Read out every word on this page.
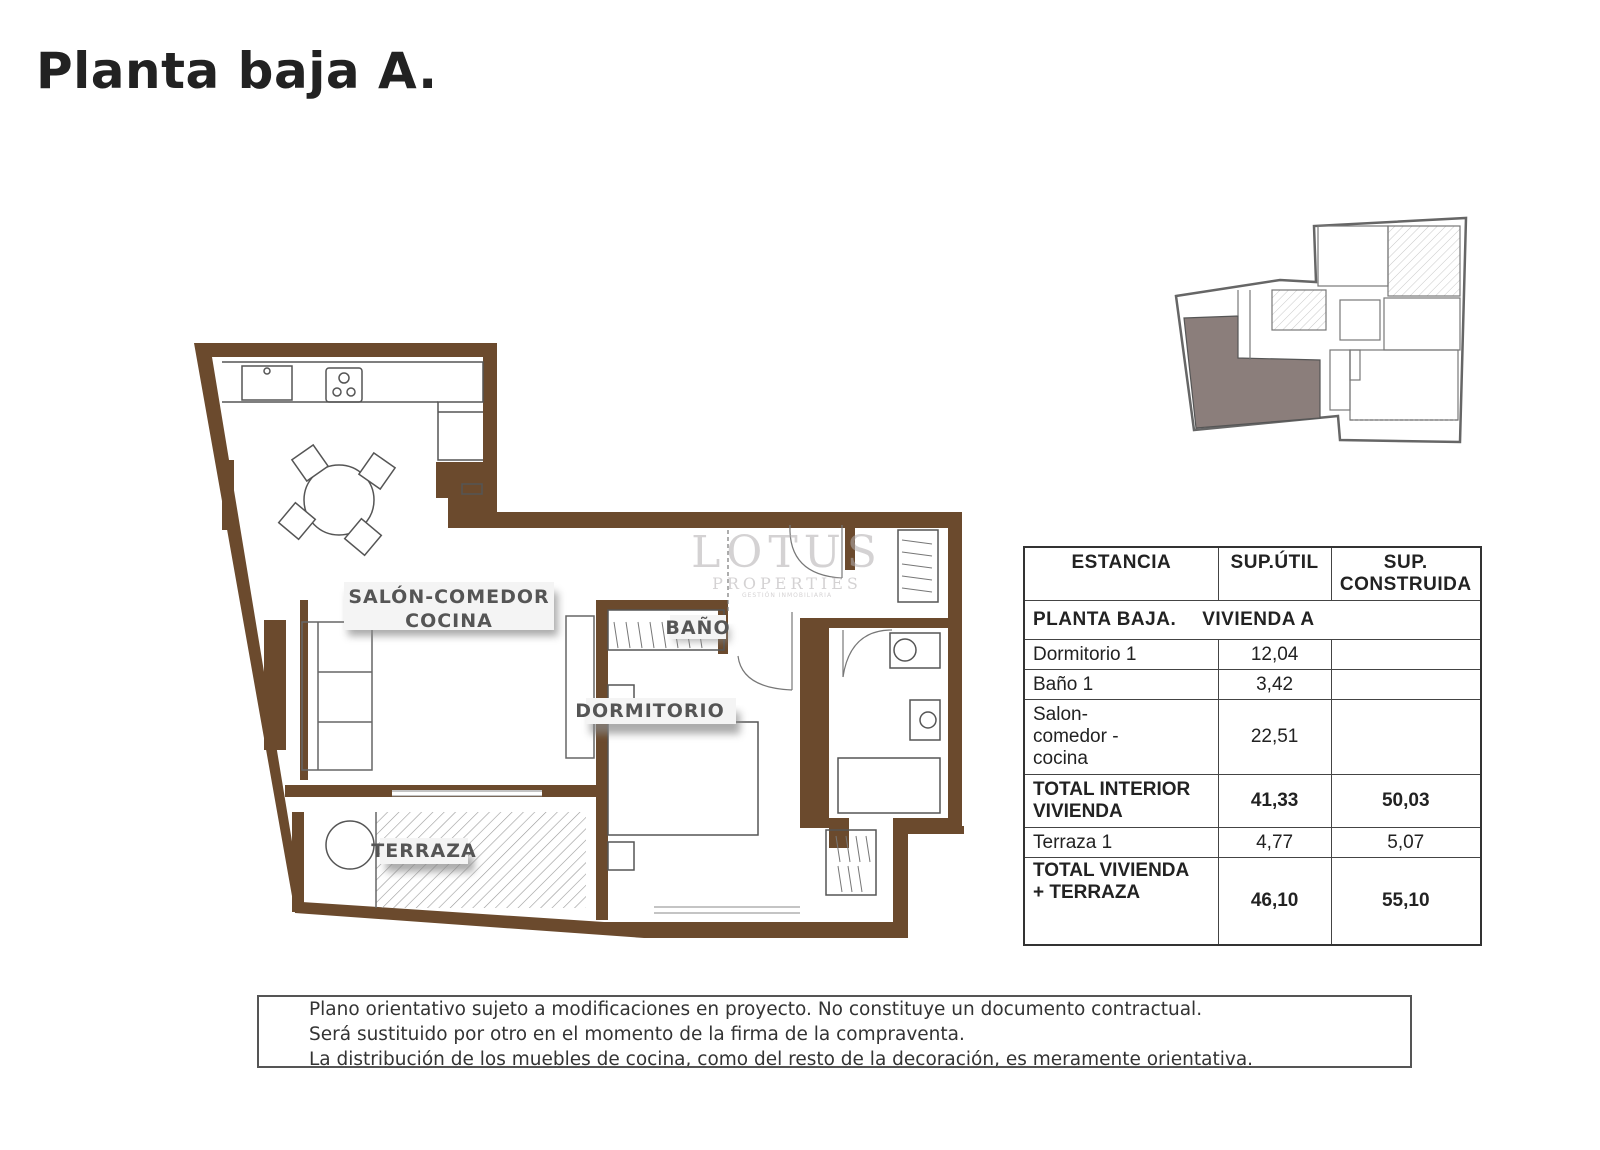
Planta baja A.
SALÓN-COMEDOR
COCINA
DORMITORIO
BAÑO
TERRAZA
LOTUS
PROPERTIES
GESTIÓN INMOBILIARIA
ESTANCIA	SUP.ÚTIL	SUP.
CONSTRUIDA
PLANTA BAJA. VIVIENDA A		
Dormitorio 1	12,04	
Baño 1	3,42	
Salon-
comedor -
cocina	22,51	
TOTAL INTERIOR
VIVIENDA	41,33	50,03
Terraza 1	4,77	5,07
TOTAL VIVIENDA
+ TERRAZA	46,10	55,10
Plano orientativo sujeto a modificaciones en proyecto. No constituye un documento contractual.
Será sustituido por otro en el momento de la firma de la compraventa.
La distribución de los muebles de cocina, como del resto de la decoración, es meramente orientativa.
